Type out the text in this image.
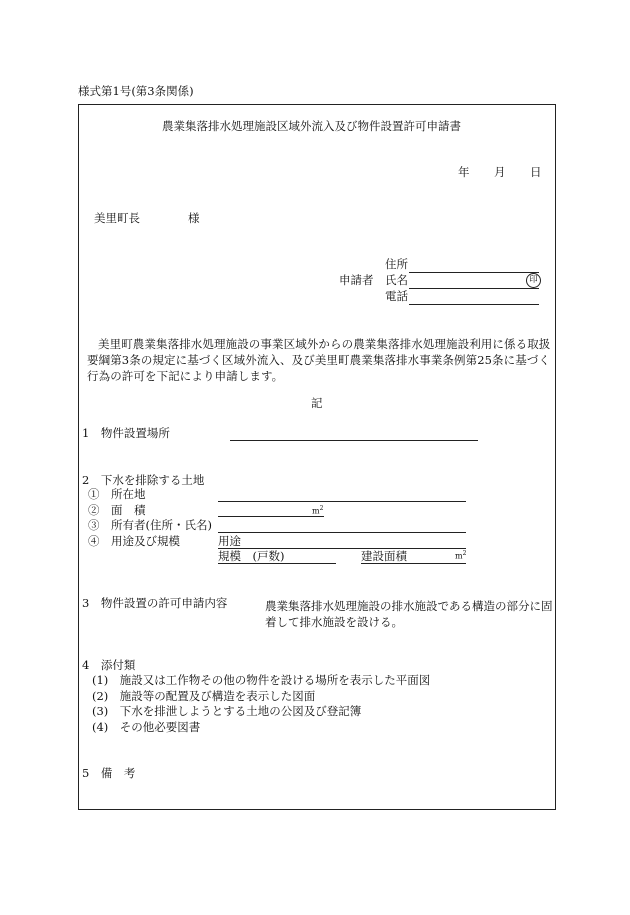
様式第1号(第3条関係)
農業集落排水処理施設区域外流入及び物件設置許可申請書
年 月 日
美里町長	様
住所
申請者 氏名	印
電話
美里町農業集落排水処理施設の事業区域外からの農業集落排水処理施設利用に係る取扱要綱第3条の規定に基づく区域外流入、及び美里町農業集落排水事業条例第25条に基づく行為の許可を下記により申請します。
記
1　物件設置場所
2　下水を排除する土地
①　所在地
②　面　積	$m^2$
③　所有者(住所・氏名)
④　用途及び規模	用途
規模　(戸数)	建設面積	$m^2$
3　物件設置の許可申請内容	農業集落排水処理施設の排水施設である構造の部分に固着して排水施設を設ける。
4　添付類
(1)　施設又は工作物その他の物件を設ける場所を表示した平面図
(2)　施設等の配置及び構造を表示した図面
(3)　下水を排泄しようとする土地の公図及び登記簿
(4)　その他必要図書
5　備　考
